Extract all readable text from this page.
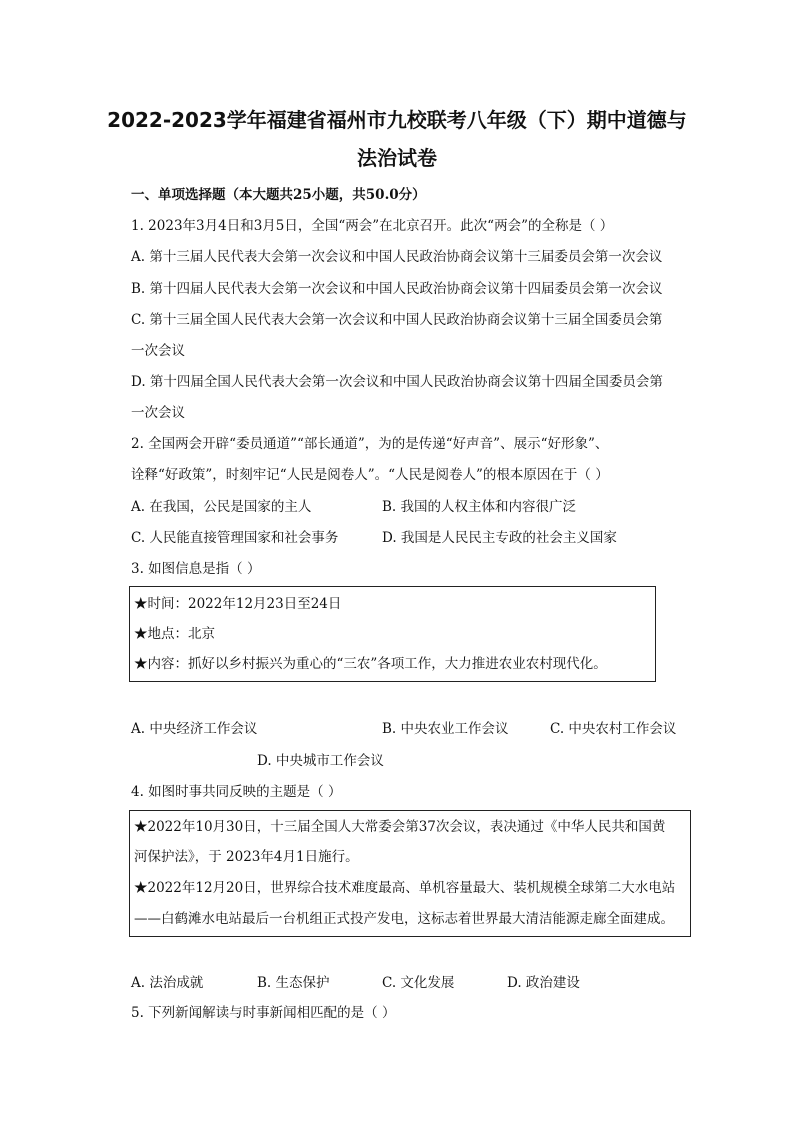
2022-2023学年福建省福州市九校联考八年级（下）期中道德与
法治试卷
一、单项选择题（本大题共25小题，共50.0分）
1. 2023年3月4日和3月5日，全国“两会”在北京召开。此次“两会”的全称是（ ）
A. 第十三届人民代表大会第一次会议和中国人民政治协商会议第十三届委员会第一次会议
B. 第十四届人民代表大会第一次会议和中国人民政治协商会议第十四届委员会第一次会议
C. 第十三届全国人民代表大会第一次会议和中国人民政治协商会议第十三届全国委员会第
一次会议
D. 第十四届全国人民代表大会第一次会议和中国人民政治协商会议第十四届全国委员会第
一次会议
2. 全国两会开辟“委员通道”“部长通道”，为的是传递“好声音”、展示“好形象”、
诠释“好政策”，时刻牢记“人民是阅卷人”。“人民是阅卷人”的根本原因在于（ ）
A. 在我国，公民是国家的主人	B. 我国的人权主体和内容很广泛
C. 人民能直接管理国家和社会事务	D. 我国是人民民主专政的社会主义国家
3. 如图信息是指（ ）
★时间：2022年12月23日至24日
★地点：北京
★内容：抓好以乡村振兴为重心的“三农”各项工作，大力推进农业农村现代化。
A. 中央经济工作会议	B. 中央农业工作会议	C. 中央农村工作会议
D. 中央城市工作会议
4. 如图时事共同反映的主题是（ ）
★2022年10月30日，十三届全国人大常委会第37次会议，表决通过《中华人民共和国黄
河保护法》，于 2023年4月1日施行。
★2022年12月20日，世界综合技术难度最高、单机容量最大、装机规模全球第二大水电站
——白鹤滩水电站最后一台机组正式投产发电，这标志着世界最大清洁能源走廊全面建成。
A. 法治成就	B. 生态保护	C. 文化发展	D. 政治建设
5. 下列新闻解读与时事新闻相匹配的是（ ）
